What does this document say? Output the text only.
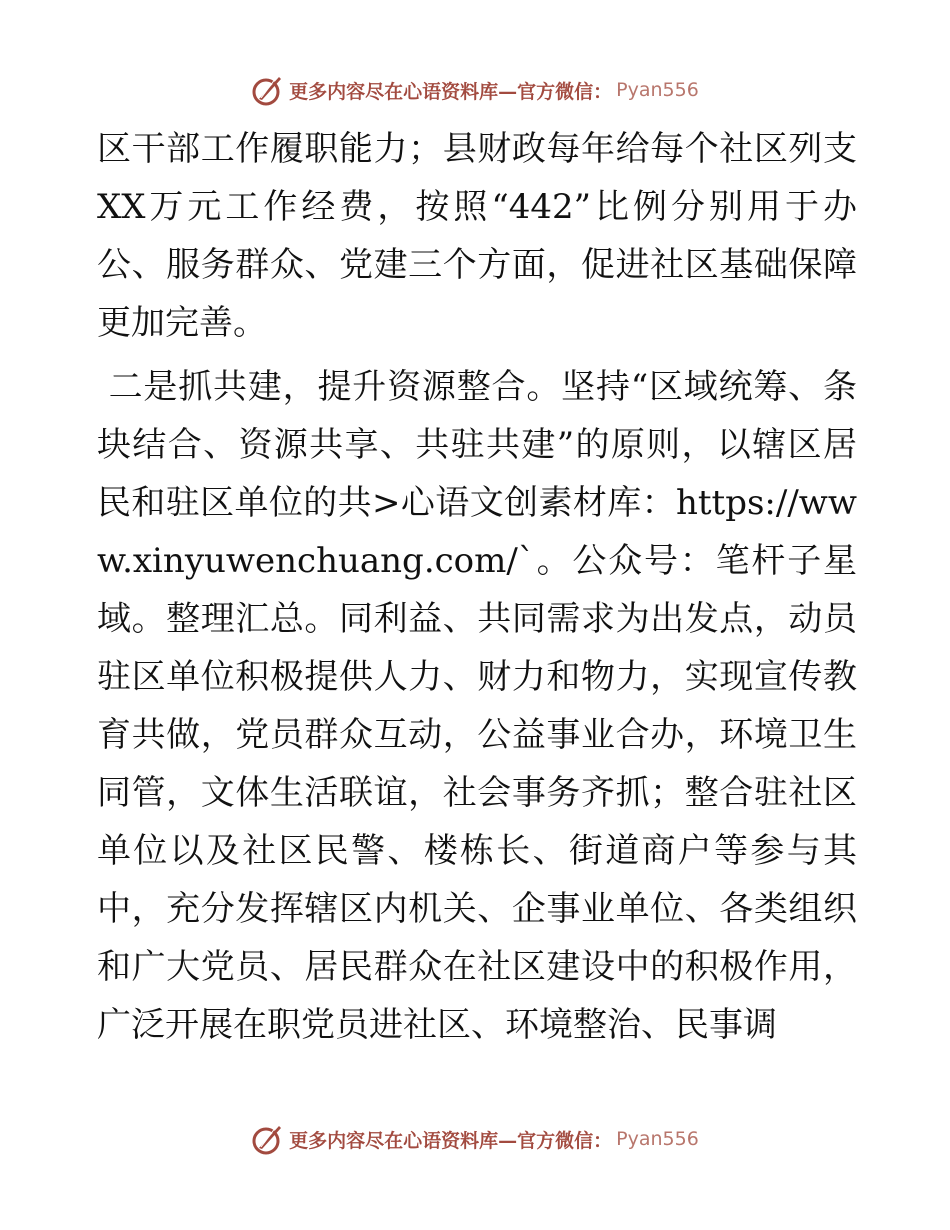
更多内容尽在心语资料库—官方微信： Pyan556

区干部工作履职能力；县财政每年给每个社区列支XX万元工作经费，按照“442”比例分别用于办公、服务群众、党建三个方面，促进社区基础保障更加完善。

二是抓共建，提升资源整合。坚持“区域统筹、条块结合、资源共享、共驻共建”的原则，以辖区居民和驻区单位的共>心语文创素材库：https://www.xinyuwenchuang.com/`。公众号：笔杆子星域。整理汇总。同利益、共同需求为出发点，动员驻区单位积极提供人力、财力和物力，实现宣传教育共做，党员群众互动，公益事业合办，环境卫生同管，文体生活联谊，社会事务齐抓；整合驻社区单位以及社区民警、楼栋长、街道商户等参与其中，充分发挥辖区内机关、企事业单位、各类组织和广大党员、居民群众在社区建设中的积极作用，广泛开展在职党员进社区、环境整治、民事调

更多内容尽在心语资料库—官方微信： Pyan556
